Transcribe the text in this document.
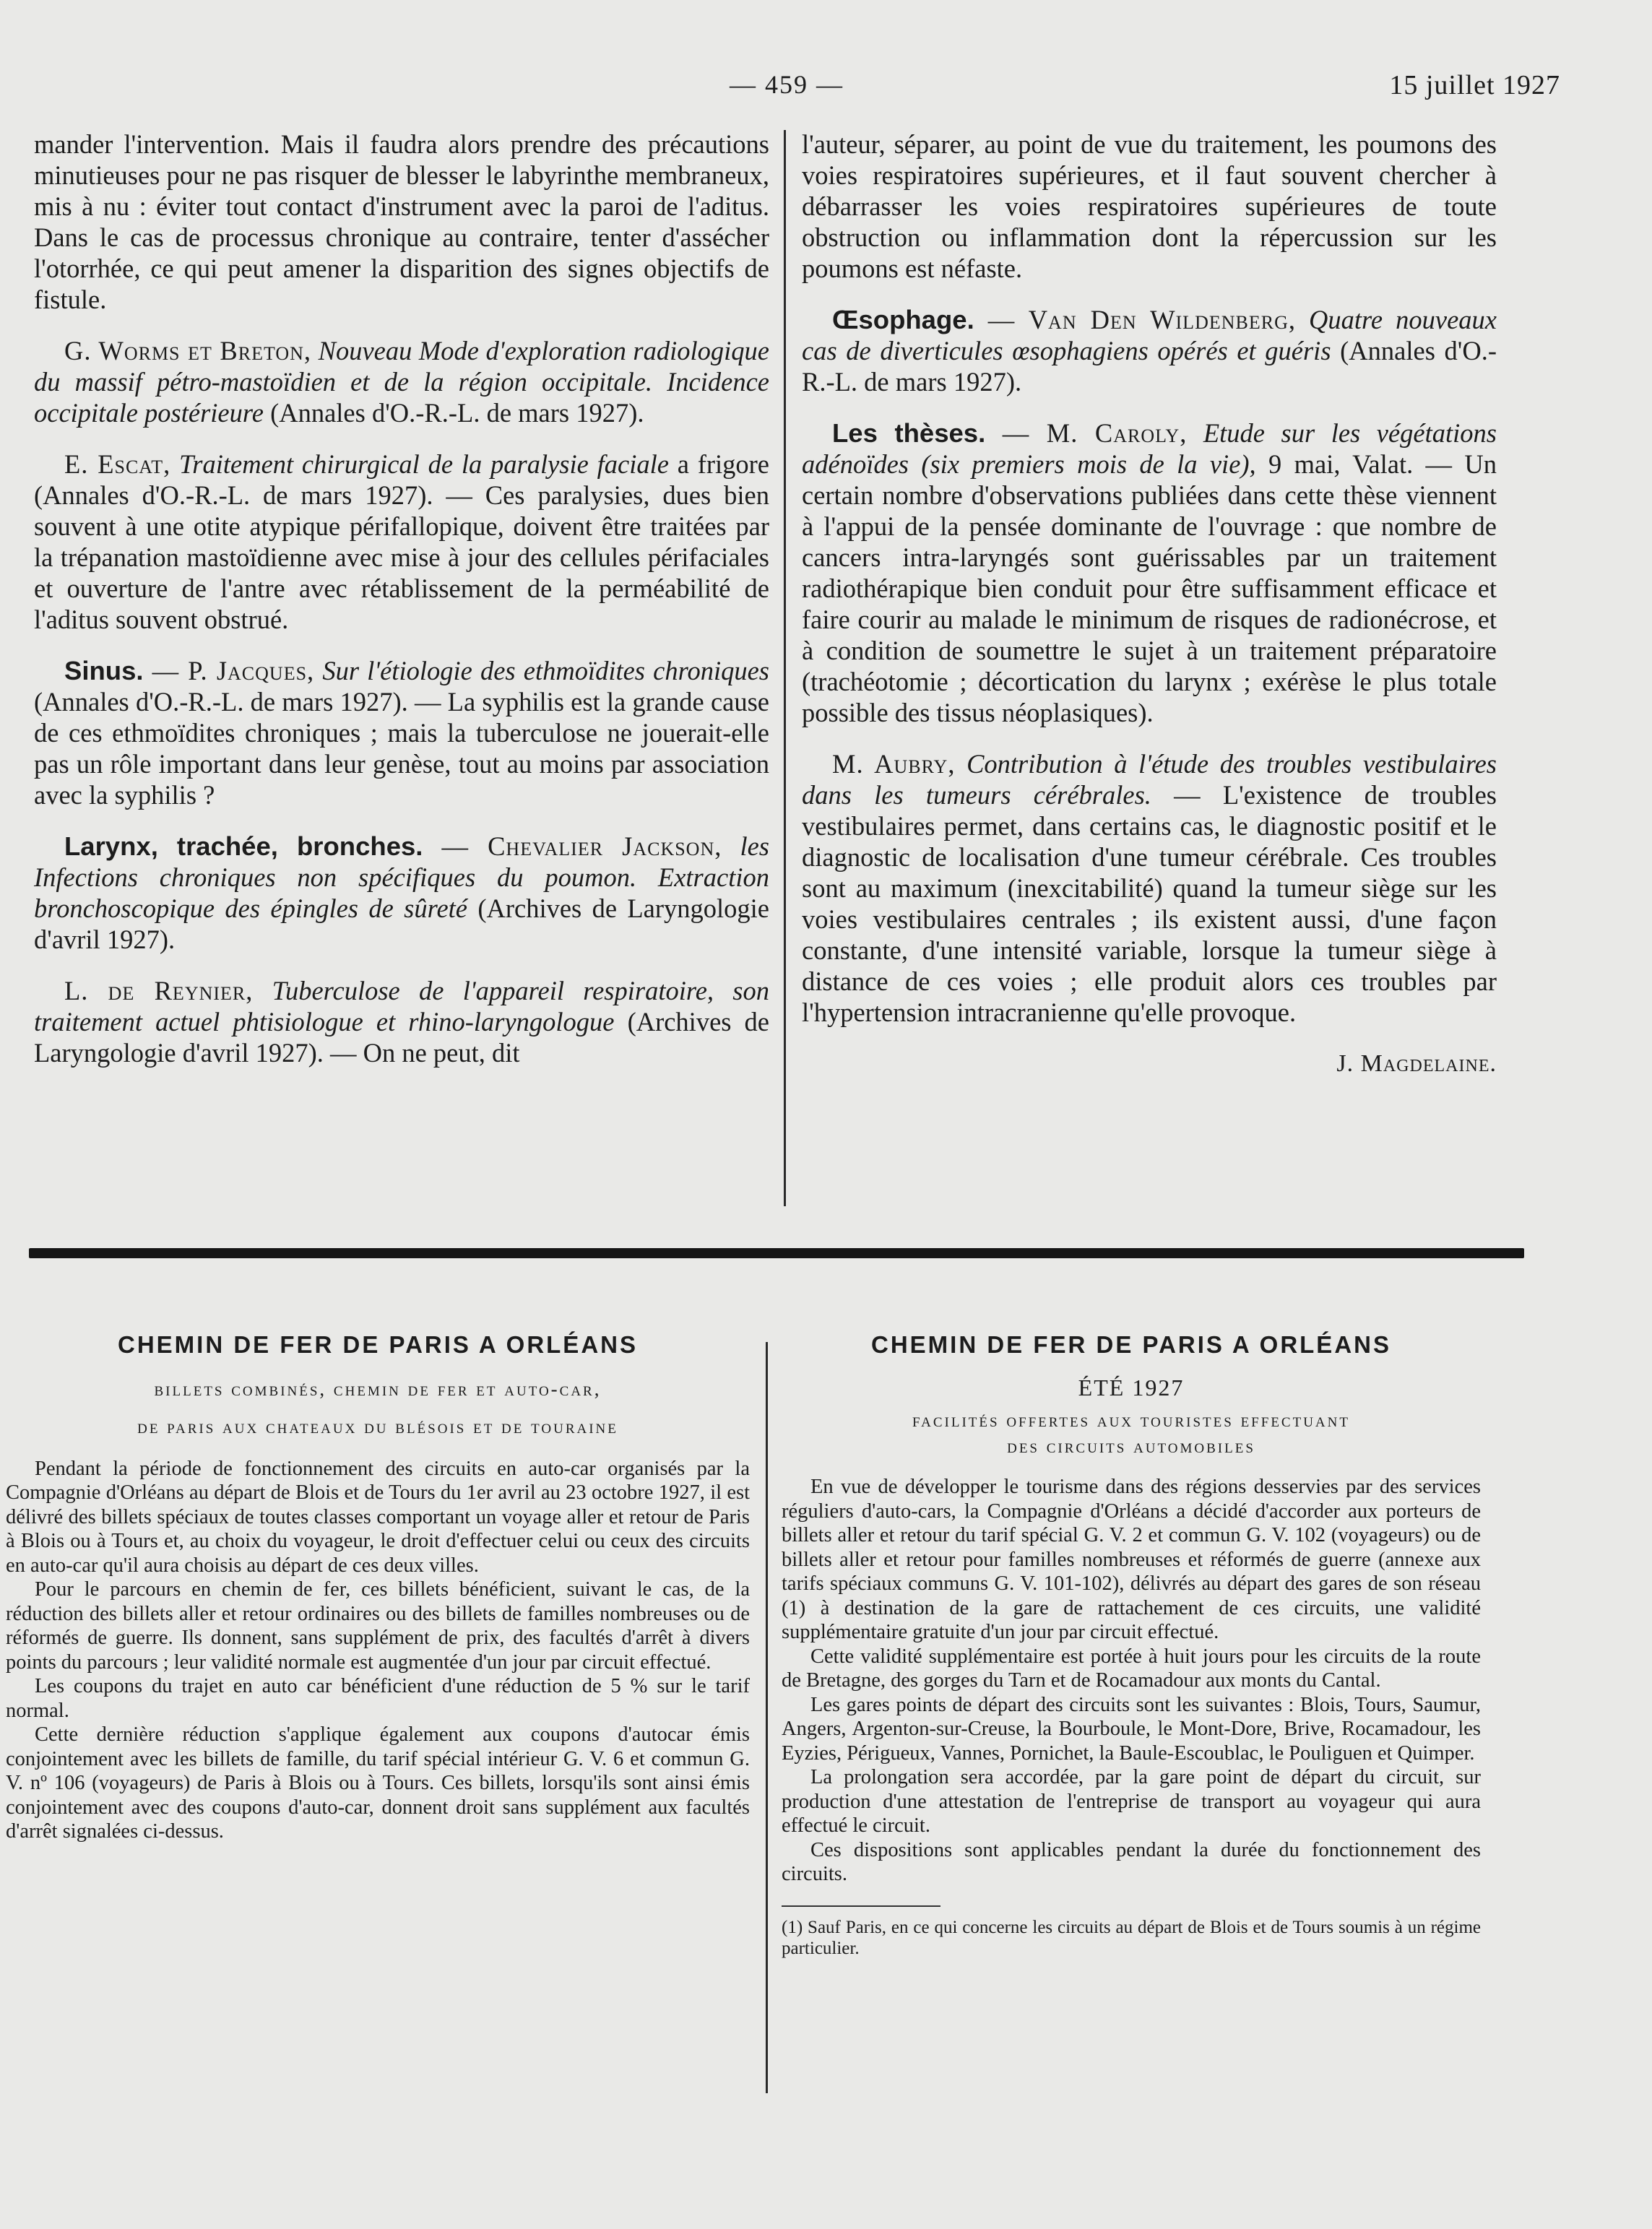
— 459 —	15 juillet 1927

mander l'intervention. Mais il faudra alors prendre des précautions minutieuses pour ne pas risquer de blesser le labyrinthe membraneux, mis à nu : éviter tout contact d'instrument avec la paroi de l'aditus. Dans le cas de processus chronique au contraire, tenter d'assécher l'otorrhée, ce qui peut amener la disparition des signes objectifs de fistule.

G. Worms et Breton, Nouveau Mode d'exploration radiologique du massif pétro-mastoïdien et de la région occipitale. Incidence occipitale postérieure (Annales d'O.-R.-L. de mars 1927).

E. Escat, Traitement chirurgical de la paralysie faciale a frigore (Annales d'O.-R.-L. de mars 1927). — Ces paralysies, dues bien souvent à une otite atypique périfallopique, doivent être traitées par la trépanation mastoïdienne avec mise à jour des cellules périfaciales et ouverture de l'antre avec rétablissement de la perméabilité de l'aditus souvent obstrué.

Sinus. — P. Jacques, Sur l'étiologie des ethmoïdites chroniques (Annales d'O.-R.-L. de mars 1927). — La syphilis est la grande cause de ces ethmoïdites chroniques ; mais la tuberculose ne jouerait-elle pas un rôle important dans leur genèse, tout au moins par association avec la syphilis ?

Larynx, trachée, bronches. — Chevalier Jackson, les Infections chroniques non spécifiques du poumon. Extraction bronchoscopique des épingles de sûreté (Archives de Laryngologie d'avril 1927).

L. de Reynier, Tuberculose de l'appareil respiratoire, son traitement actuel phtisiologue et rhino-laryngologue (Archives de Laryngologie d'avril 1927). — On ne peut, dit

l'auteur, séparer, au point de vue du traitement, les poumons des voies respiratoires supérieures, et il faut souvent chercher à débarrasser les voies respiratoires supérieures de toute obstruction ou inflammation dont la répercussion sur les poumons est néfaste.

Œsophage. — Van Den Wildenberg, Quatre nouveaux cas de diverticules œsophagiens opérés et guéris (Annales d'O.-R.-L. de mars 1927).

Les thèses. — M. Caroly, Etude sur les végétations adénoïdes (six premiers mois de la vie), 9 mai, Valat. — Un certain nombre d'observations publiées dans cette thèse viennent à l'appui de la pensée dominante de l'ouvrage : que nombre de cancers intra-laryngés sont guérissables par un traitement radiothérapique bien conduit pour être suffisamment efficace et faire courir au malade le minimum de risques de radionécrose, et à condition de soumettre le sujet à un traitement préparatoire (trachéotomie ; décortication du larynx ; exérèse le plus totale possible des tissus néoplasiques).

M. Aubry, Contribution à l'étude des troubles vestibulaires dans les tumeurs cérébrales. — L'existence de troubles vestibulaires permet, dans certains cas, le diagnostic positif et le diagnostic de localisation d'une tumeur cérébrale. Ces troubles sont au maximum (inexcitabilité) quand la tumeur siège sur les voies vestibulaires centrales ; ils existent aussi, d'une façon constante, d'une intensité variable, lorsque la tumeur siège à distance de ces voies ; elle produit alors ces troubles par l'hypertension intracranienne qu'elle provoque.

J. Magdelaine.

CHEMIN DE FER DE PARIS A ORLÉANS

billets combinés, chemin de fer et auto-car,

de paris aux chateaux du blésois et de touraine

Pendant la période de fonctionnement des circuits en auto-car organisés par la Compagnie d'Orléans au départ de Blois et de Tours du 1er avril au 23 octobre 1927, il est délivré des billets spéciaux de toutes classes comportant un voyage aller et retour de Paris à Blois ou à Tours et, au choix du voyageur, le droit d'effectuer celui ou ceux des circuits en auto-car qu'il aura choisis au départ de ces deux villes.

Pour le parcours en chemin de fer, ces billets bénéficient, suivant le cas, de la réduction des billets aller et retour ordinaires ou des billets de familles nombreuses ou de réformés de guerre. Ils donnent, sans supplément de prix, des facultés d'arrêt à divers points du parcours ; leur validité normale est augmentée d'un jour par circuit effectué.

Les coupons du trajet en auto car bénéficient d'une réduction de 5 % sur le tarif normal.

Cette dernière réduction s'applique également aux coupons d'autocar émis conjointement avec les billets de famille, du tarif spécial intérieur G. V. 6 et commun G. V. nº 106 (voyageurs) de Paris à Blois ou à Tours. Ces billets, lorsqu'ils sont ainsi émis conjointement avec des coupons d'auto-car, donnent droit sans supplément aux facultés d'arrêt signalées ci-dessus.

CHEMIN DE FER DE PARIS A ORLÉANS

ÉTÉ 1927

facilités offertes aux touristes effectuant

des circuits automobiles

En vue de développer le tourisme dans des régions desservies par des services réguliers d'auto-cars, la Compagnie d'Orléans a décidé d'accorder aux porteurs de billets aller et retour du tarif spécial G. V. 2 et commun G. V. 102 (voyageurs) ou de billets aller et retour pour familles nombreuses et réformés de guerre (annexe aux tarifs spéciaux communs G. V. 101-102), délivrés au départ des gares de son réseau (1) à destination de la gare de rattachement de ces circuits, une validité supplémentaire gratuite d'un jour par circuit effectué.

Cette validité supplémentaire est portée à huit jours pour les circuits de la route de Bretagne, des gorges du Tarn et de Rocamadour aux monts du Cantal.

Les gares points de départ des circuits sont les suivantes : Blois, Tours, Saumur, Angers, Argenton-sur-Creuse, la Bourboule, le Mont-Dore, Brive, Rocamadour, les Eyzies, Périgueux, Vannes, Pornichet, la Baule-Escoublac, le Pouliguen et Quimper.

La prolongation sera accordée, par la gare point de départ du circuit, sur production d'une attestation de l'entreprise de transport au voyageur qui aura effectué le circuit.

Ces dispositions sont applicables pendant la durée du fonctionnement des circuits.

(1) Sauf Paris, en ce qui concerne les circuits au départ de Blois et de Tours soumis à un régime particulier.
